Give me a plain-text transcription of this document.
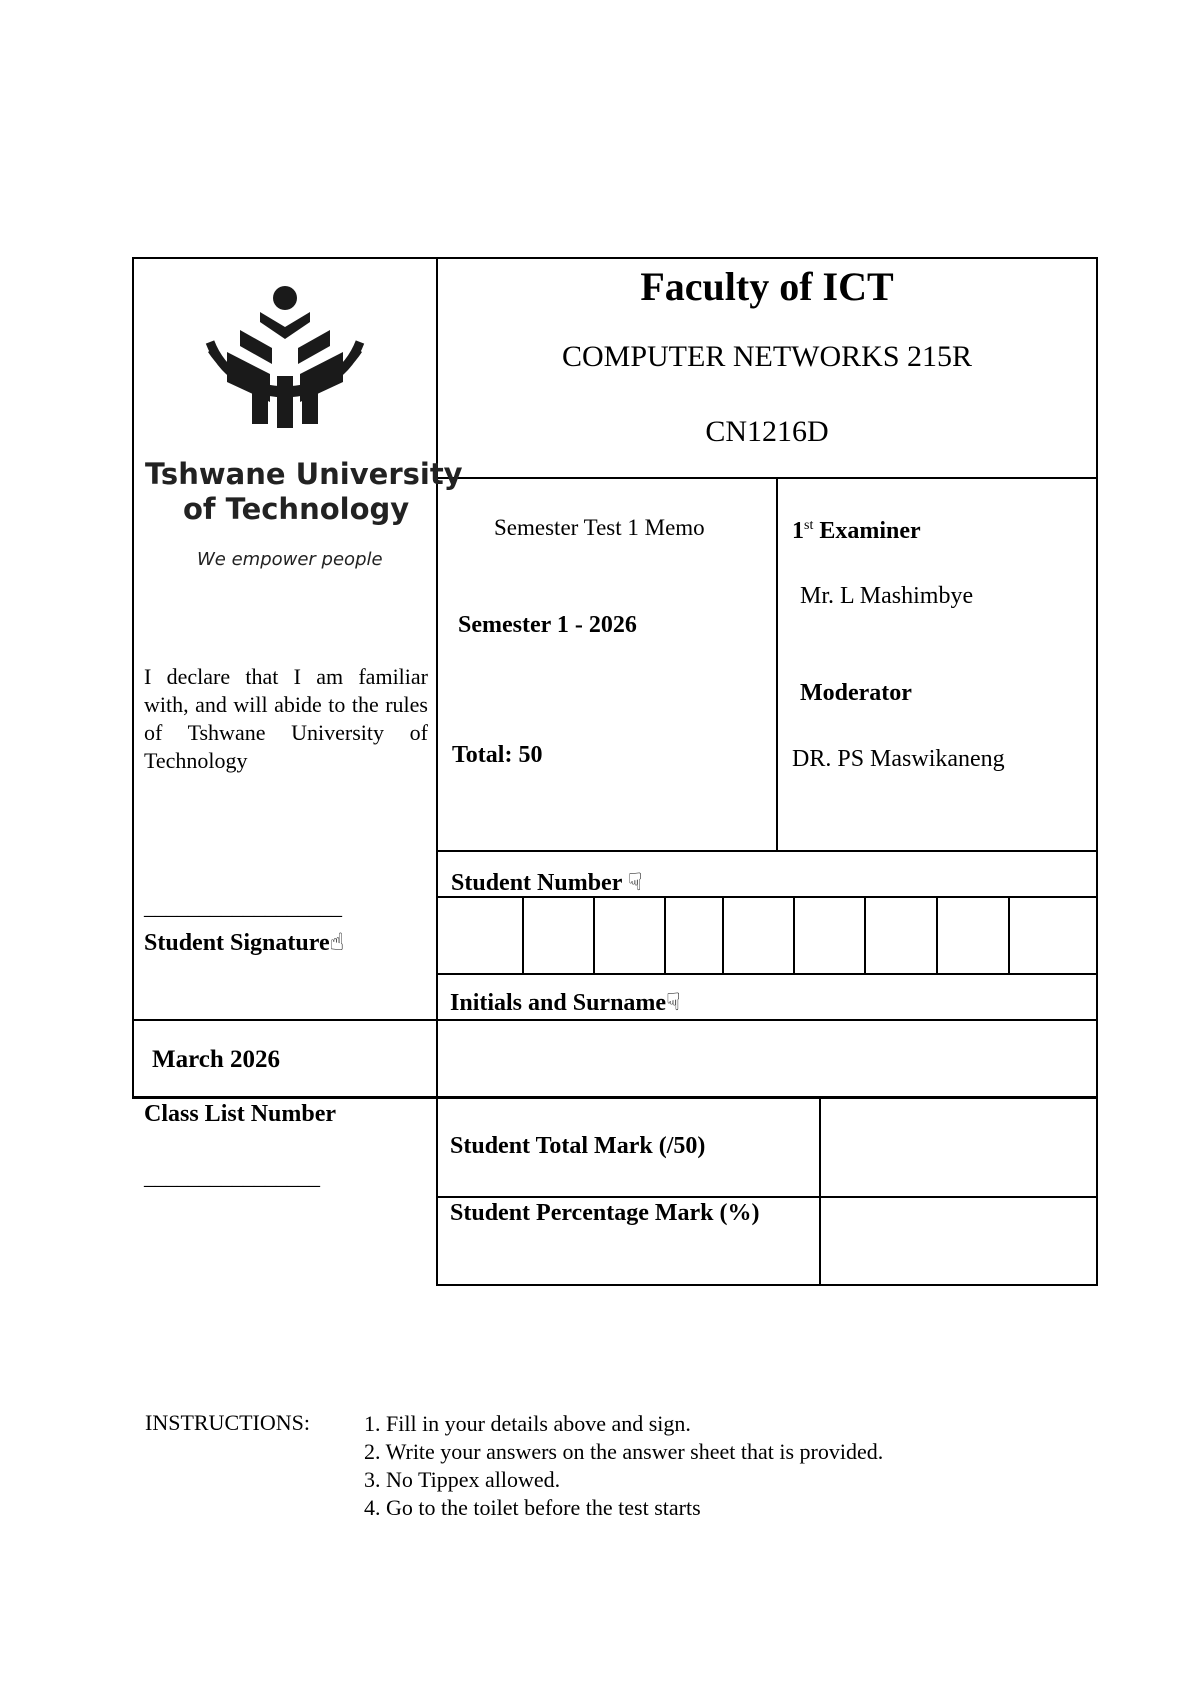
Tshwane University
of Technology
We empower people
Faculty of ICT
COMPUTER NETWORKS 215R
CN1216D
Semester Test 1 Memo
Semester 1 - 2026
Total: 50
1st Examiner
Mr. L Mashimbye
Moderator
DR. PS Maswikaneng
I declare that I am familiar with, and will abide to the rules of Tshwane University of Technology
__________________
Student Signature☝
Student Number ☟
Initials and Surname☟
March 2026
Class List Number
________________
Student Total Mark (/50)
Student Percentage Mark (%)
INSTRUCTIONS: 1. Fill in your details above and sign.
2. Write your answers on the answer sheet that is provided.
3. No Tippex allowed.
4. Go to the toilet before the test starts
